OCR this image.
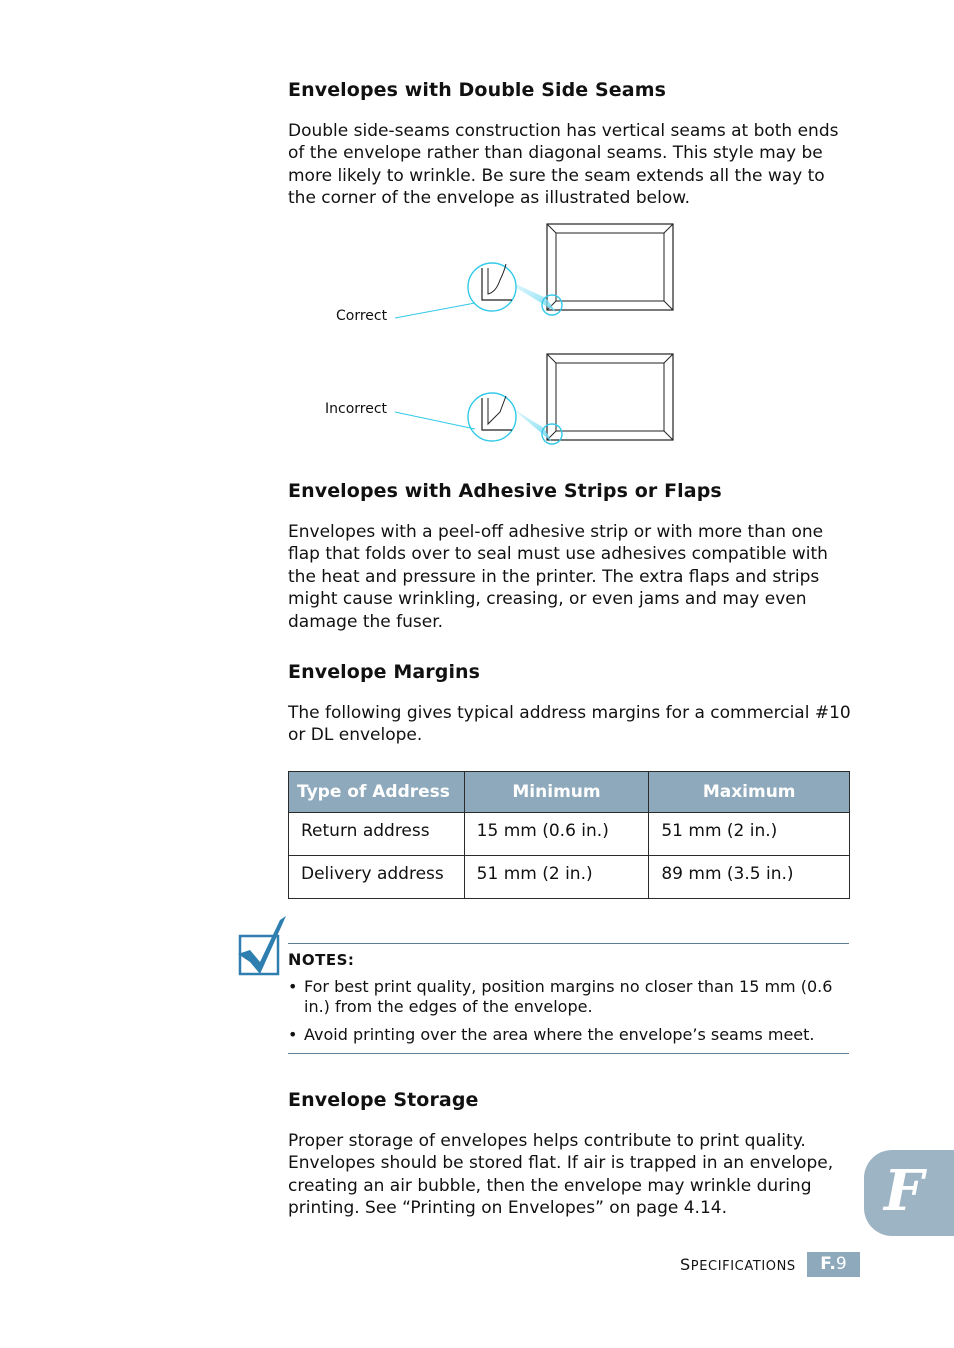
Envelopes with Double Side Seams

Double side-seams construction has vertical seams at both ends of the envelope rather than diagonal seams. This style may be more likely to wrinkle. Be sure the seam extends all the way to the corner of the envelope as illustrated below.

Correct
Incorrect
Envelopes with Adhesive Strips or Flaps

Envelopes with a peel-off adhesive strip or with more than one flap that folds over to seal must use adhesives compatible with the heat and pressure in the printer. The extra flaps and strips might cause wrinkling, creasing, or even jams and may even damage the fuser.

Envelope Margins

The following gives typical address margins for a commercial #10 or DL envelope.

Type of Address	Minimum	Maximum
Return address	15 mm (0.6 in.)	51 mm (2 in.)
Delivery address	51 mm (2 in.)	89 mm (3.5 in.)
NOTES:
• For best print quality, position margins no closer than 15 mm (0.6 in.) from the edges of the envelope.
• Avoid printing over the area where the envelope’s seams meet.
Envelope Storage

Proper storage of envelopes helps contribute to print quality. Envelopes should be stored flat. If air is trapped in an envelope, creating an air bubble, then the envelope may wrinkle during printing. See “Printing on Envelopes” on page 4.14.	F
SPECIFICATIONS	F.9
